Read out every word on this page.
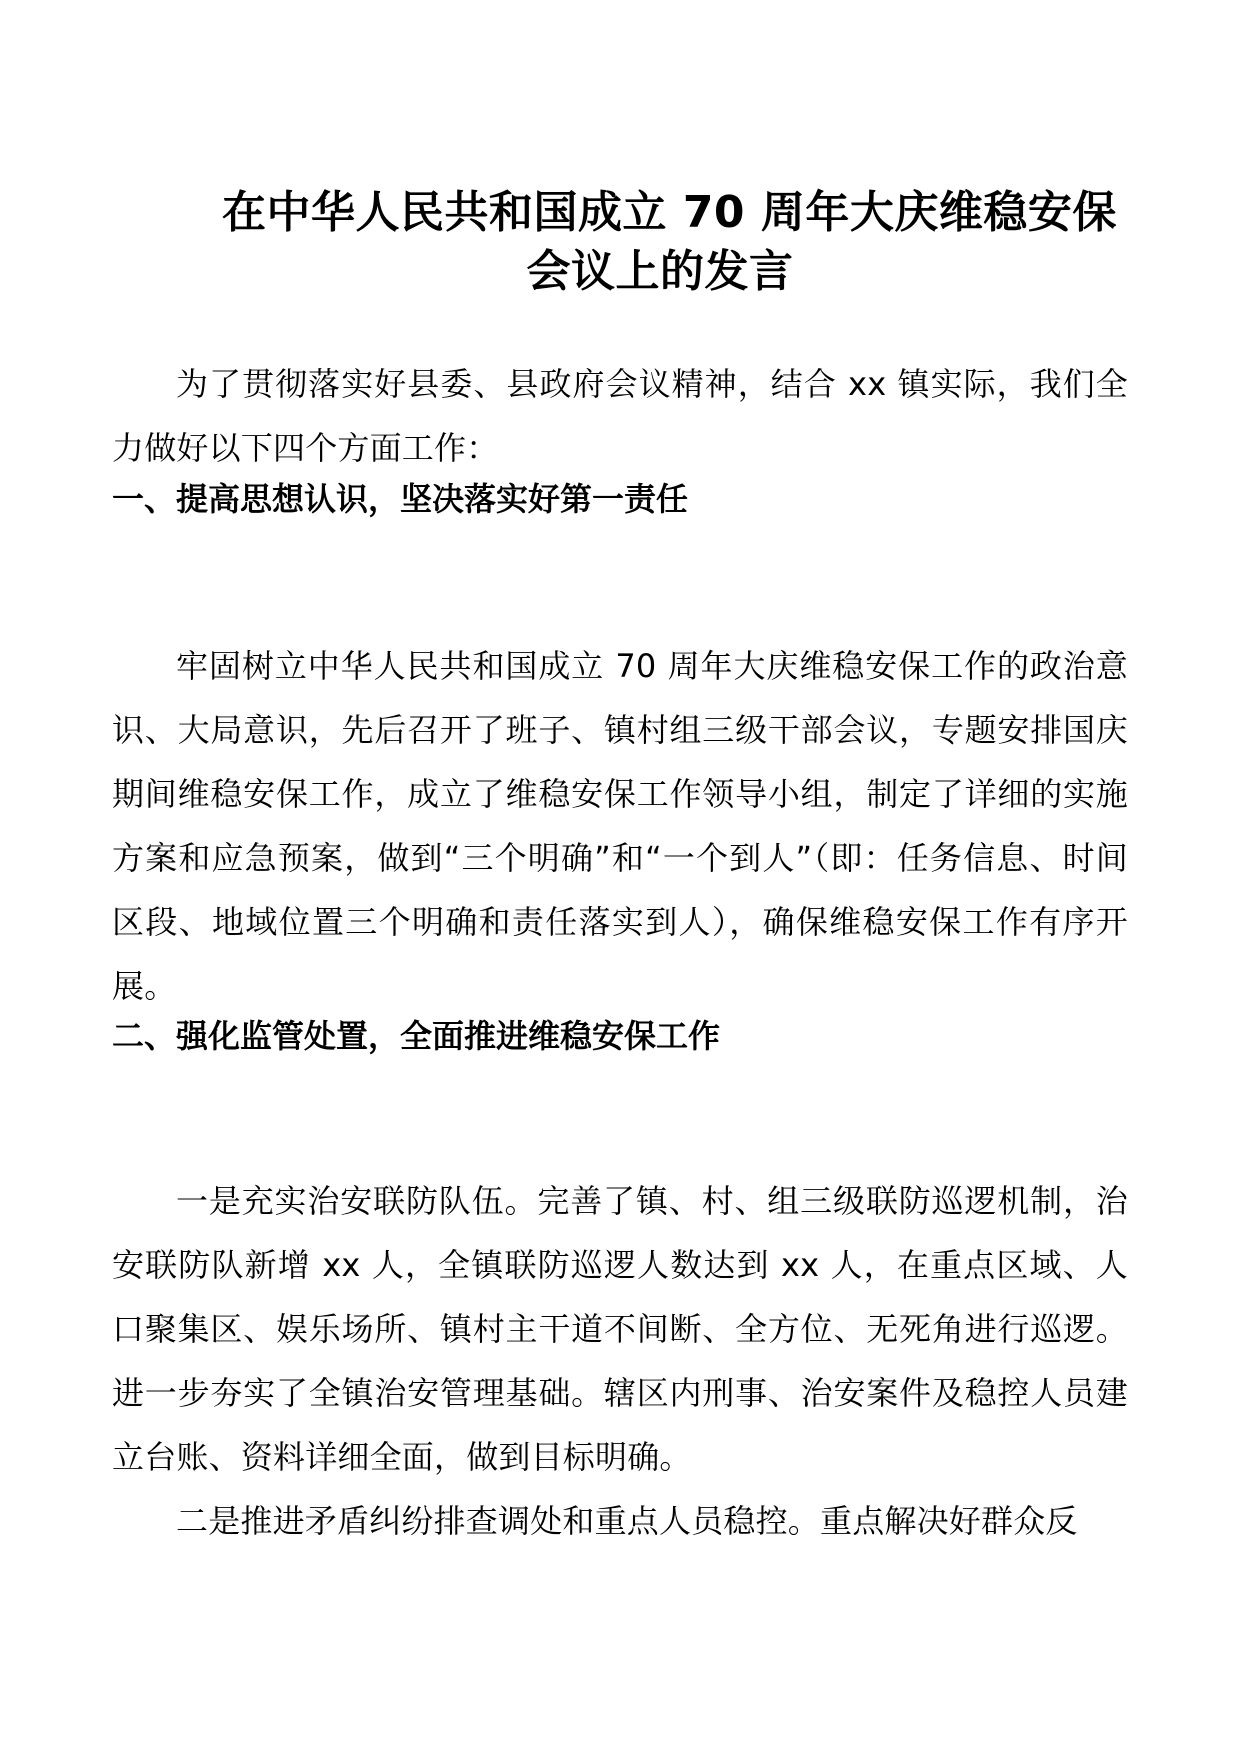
在中华人民共和国成立 70 周年大庆维稳安保
会议上的发言

为了贯彻落实好县委、县政府会议精神，结合 xx 镇实际，我们全力做好以下四个方面工作：

一、提高思想认识，坚决落实好第一责任

牢固树立中华人民共和国成立 70 周年大庆维稳安保工作的政治意识、大局意识，先后召开了班子、镇村组三级干部会议，专题安排国庆期间维稳安保工作，成立了维稳安保工作领导小组，制定了详细的实施方案和应急预案，做到“三个明确”和“一个到人”（即：任务信息、时间区段、地域位置三个明确和责任落实到人），确保维稳安保工作有序开展。

二、强化监管处置，全面推进维稳安保工作

一是充实治安联防队伍。完善了镇、村、组三级联防巡逻机制，治安联防队新增 xx 人，全镇联防巡逻人数达到 xx 人，在重点区域、人口聚集区、娱乐场所、镇村主干道不间断、全方位、无死角进行巡逻。进一步夯实了全镇治安管理基础。辖区内刑事、治安案件及稳控人员建立台账、资料详细全面，做到目标明确。

二是推进矛盾纠纷排查调处和重点人员稳控。重点解决好群众反
